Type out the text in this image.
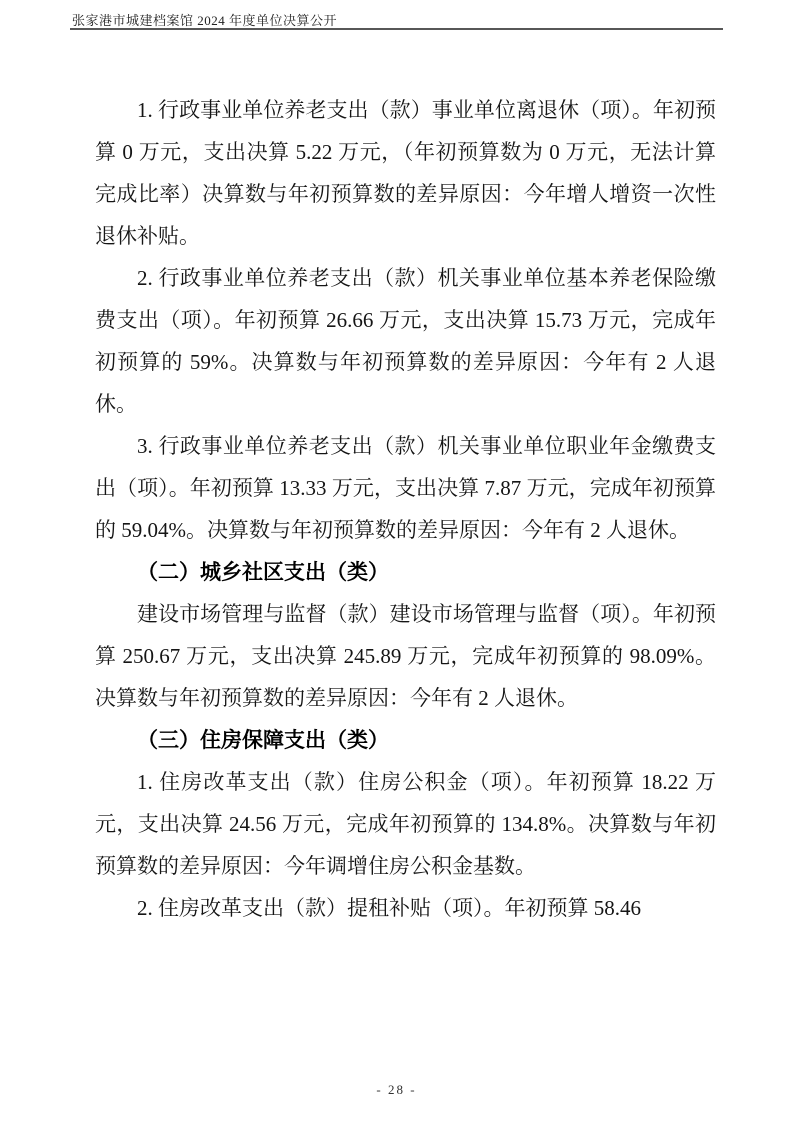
张家港市城建档案馆 2024 年度单位决算公开

1. 行政事业单位养老支出（款）事业单位离退休（项）。年初预算 0 万元，支出决算 5.22 万元，（年初预算数为 0 万元，无法计算完成比率）决算数与年初预算数的差异原因：今年增人增资一次性退休补贴。

2. 行政事业单位养老支出（款）机关事业单位基本养老保险缴费支出（项）。年初预算 26.66 万元，支出决算 15.73 万元，完成年初预算的 59%。决算数与年初预算数的差异原因：今年有 2 人退休。

3. 行政事业单位养老支出（款）机关事业单位职业年金缴费支出（项）。年初预算 13.33 万元，支出决算 7.87 万元，完成年初预算的 59.04%。决算数与年初预算数的差异原因：今年有 2 人退休。

（二）城乡社区支出（类）

建设市场管理与监督（款）建设市场管理与监督（项）。年初预算 250.67 万元，支出决算 245.89 万元，完成年初预算的 98.09%。决算数与年初预算数的差异原因：今年有 2 人退休。

（三）住房保障支出（类）

1. 住房改革支出（款）住房公积金（项）。年初预算 18.22 万元，支出决算 24.56 万元，完成年初预算的 134.8%。决算数与年初预算数的差异原因：今年调增住房公积金基数。

2. 住房改革支出（款）提租补贴（项）。年初预算 58.46

- 28 -
